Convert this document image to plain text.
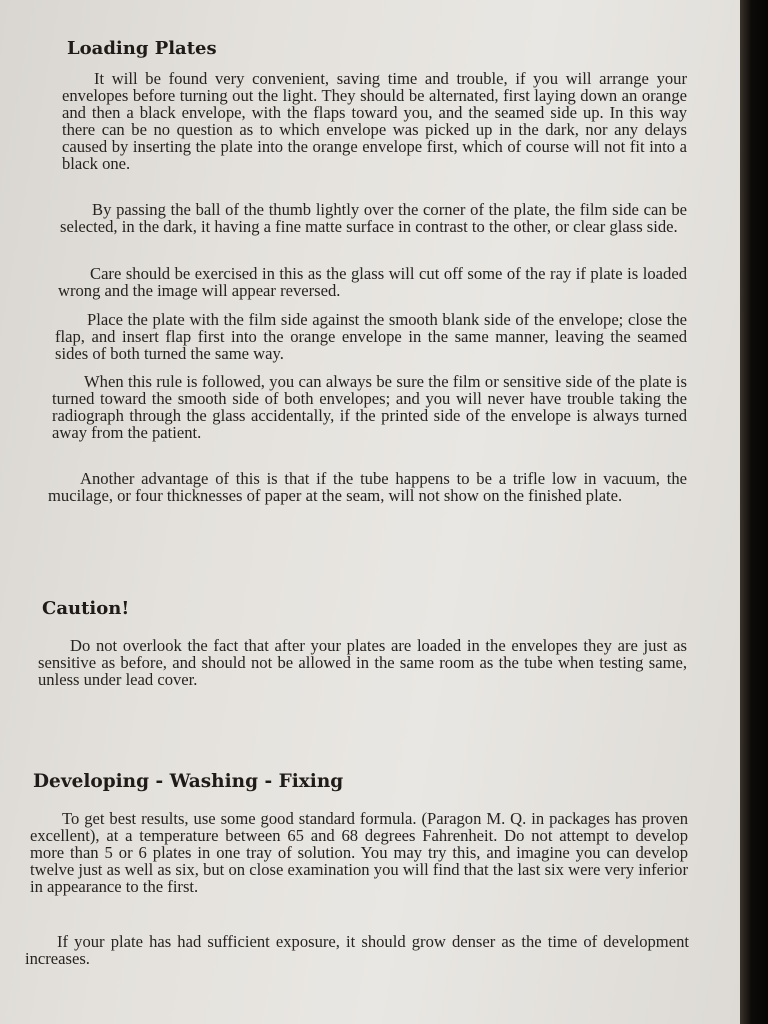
Loading Plates

It will be found very convenient, saving time and trouble, if you will arrange your envelopes before turning out the light. They should be alternated, first laying down an orange and then a black envelope, with the flaps toward you, and the seamed side up. In this way there can be no question as to which envelope was picked up in the dark, nor any delays caused by inserting the plate into the orange envelope first, which of course will not fit into a black one.

By passing the ball of the thumb lightly over the corner of the plate, the film side can be selected, in the dark, it having a fine matte surface in contrast to the other, or clear glass side.

Care should be exercised in this as the glass will cut off some of the ray if plate is loaded wrong and the image will appear reversed.

Place the plate with the film side against the smooth blank side of the envelope; close the flap, and insert flap first into the orange envelope in the same manner, leaving the seamed sides of both turned the same way.

When this rule is followed, you can always be sure the film or sensitive side of the plate is turned toward the smooth side of both envelopes; and you will never have trouble taking the radiograph through the glass accidentally, if the printed side of the envelope is always turned away from the patient.

Another advantage of this is that if the tube happens to be a trifle low in vacuum, the mucilage, or four thicknesses of paper at the seam, will not show on the finished plate.

Caution!

Do not overlook the fact that after your plates are loaded in the envelopes they are just as sensitive as before, and should not be allowed in the same room as the tube when testing same, unless under lead cover.

Developing - Washing - Fixing

To get best results, use some good standard formula. (Paragon M. Q. in packages has proven excellent), at a temperature between 65 and 68 degrees Fahrenheit. Do not attempt to develop more than 5 or 6 plates in one tray of solution. You may try this, and imagine you can develop twelve just as well as six, but on close examination you will find that the last six were very inferior in appearance to the first.

If your plate has had sufficient exposure, it should grow denser as the time of development increases.
